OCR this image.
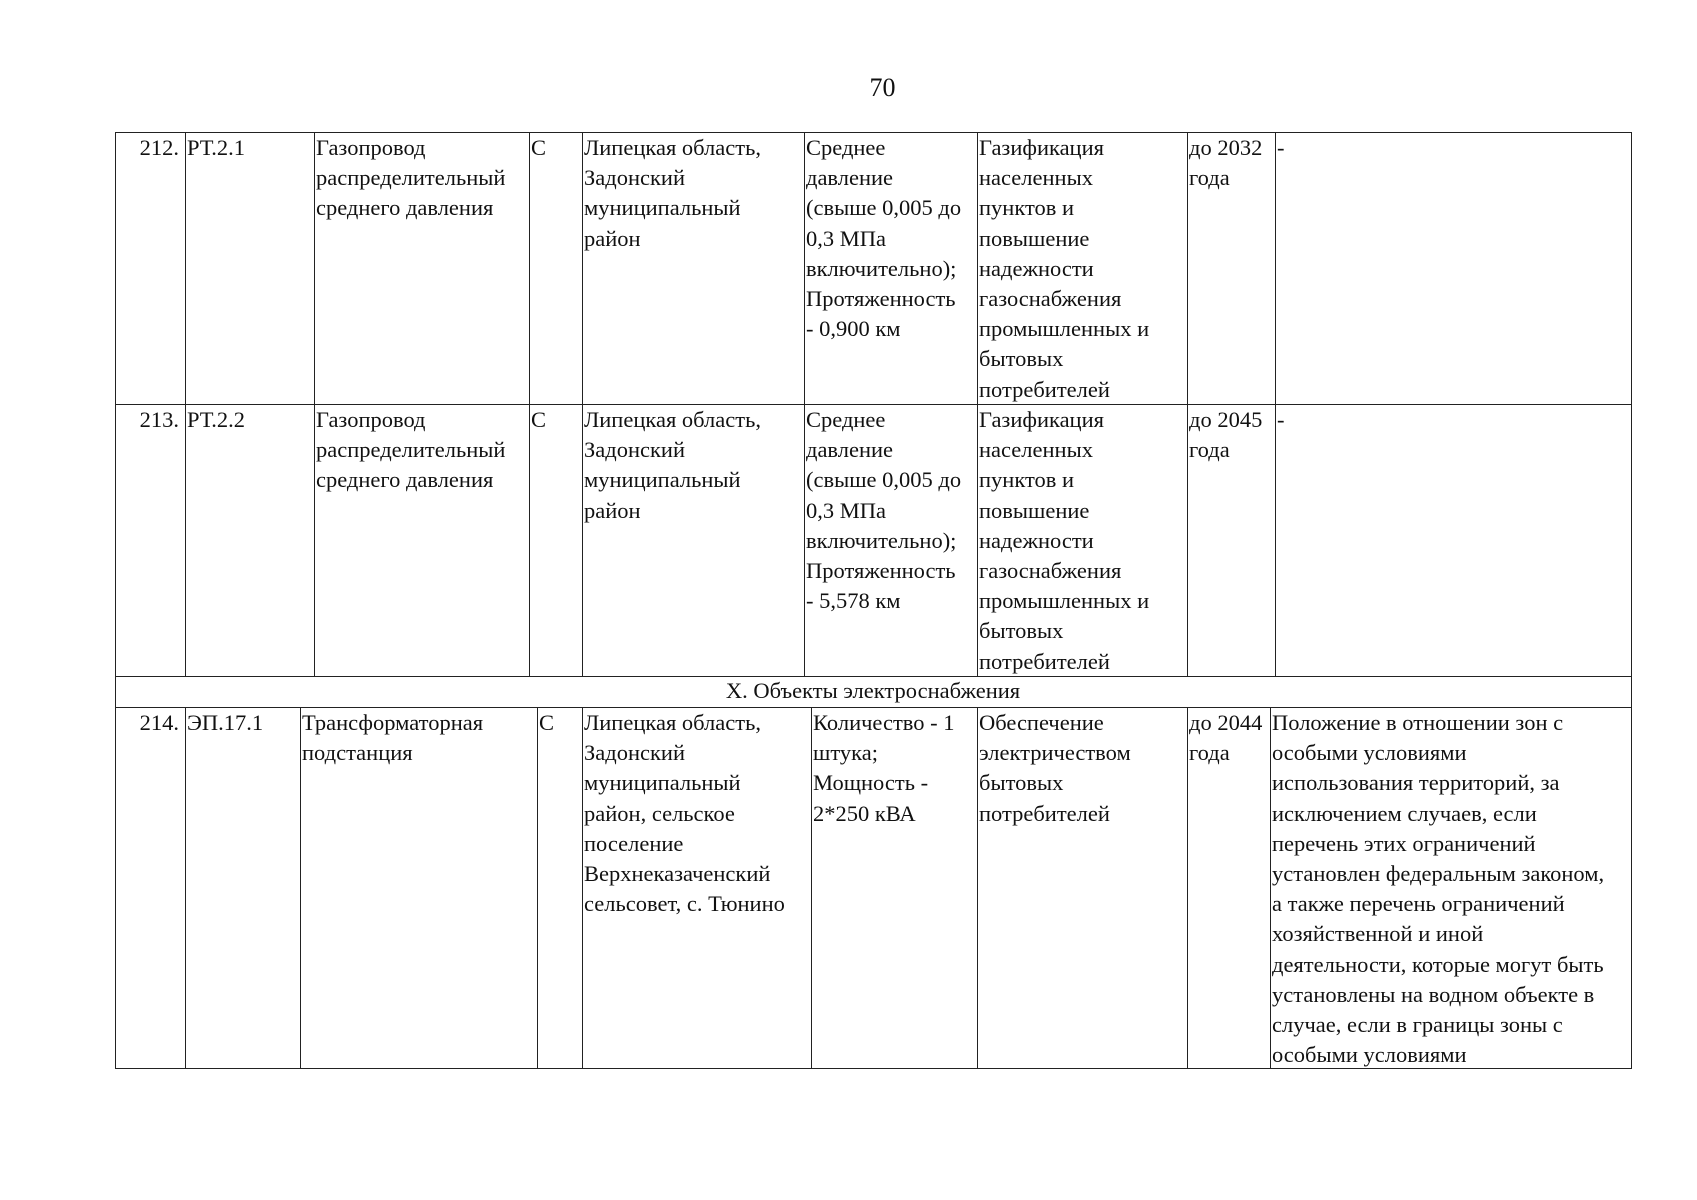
70
212. РТ.2.1	Газопровод
распределительный
среднего давления
С Липецкая область,
Задонский
муниципальный
район
Среднее
давление
(свыше 0,005 до
0,3 МПа
включительно);
Протяженность
- 0,900 км
Газификация
населенных
пунктов и
повышение
надежности
газоснабжения
промышленных и
бытовых
потребителей
до 2032
года
-
213. РТ.2.2	Газопровод
распределительный
среднего давления
С Липецкая область,
Задонский
муниципальный
район
Среднее
давление
(свыше 0,005 до
0,3 МПа
включительно);
Протяженность
- 5,578 км
Газификация
населенных
пунктов и
повышение
надежности
газоснабжения
промышленных и
бытовых
потребителей
до 2045
года
-
X. Объекты электроснабжения
214. ЭП.17.1 Трансформаторная
подстанция
С Липецкая область,
Задонский
муниципальный
район, сельское
поселение
Верхнеказаченский
сельсовет, с. Тюнино
Количество - 1
штука;
Мощность -
2*250 кВА
Обеспечение
электричеством
бытовых
потребителей
до 2044
года
Положение в отношении зон с
особыми условиями
использования территорий, за
исключением случаев, если
перечень этих ограничений
установлен федеральным законом,
а также перечень ограничений
хозяйственной и иной
деятельности, которые могут быть
установлены на водном объекте в
случае, если в границы зоны с
особыми условиями
